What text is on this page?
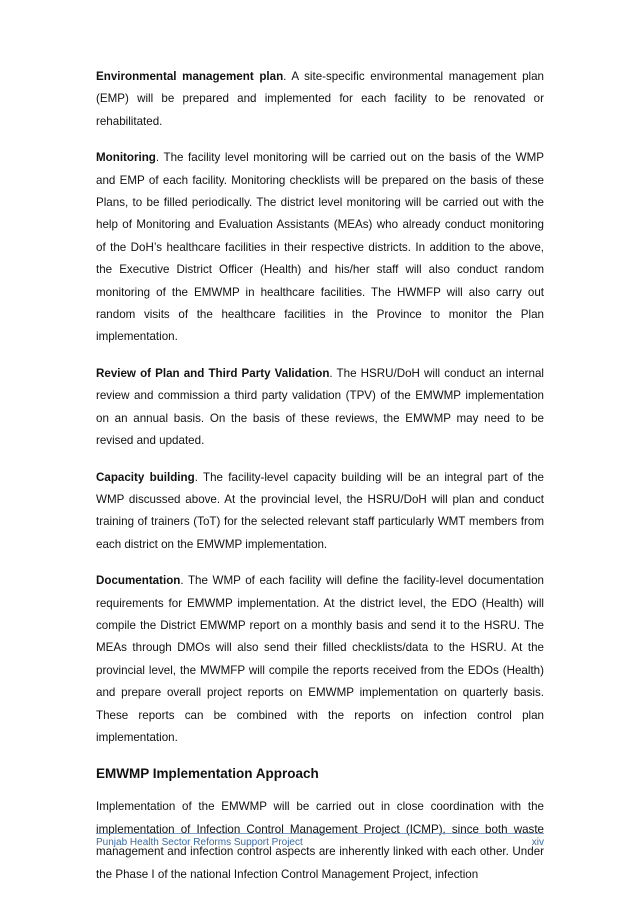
Environmental management plan. A site-specific environmental management plan (EMP) will be prepared and implemented for each facility to be renovated or rehabilitated.

Monitoring. The facility level monitoring will be carried out on the basis of the WMP and EMP of each facility. Monitoring checklists will be prepared on the basis of these Plans, to be filled periodically. The district level monitoring will be carried out with the help of Monitoring and Evaluation Assistants (MEAs) who already conduct monitoring of the DoH’s healthcare facilities in their respective districts. In addition to the above, the Executive District Officer (Health) and his/her staff will also conduct random monitoring of the EMWMP in healthcare facilities. The HWMFP will also carry out random visits of the healthcare facilities in the Province to monitor the Plan implementation.

Review of Plan and Third Party Validation. The HSRU/DoH will conduct an internal review and commission a third party validation (TPV) of the EMWMP implementation on an annual basis. On the basis of these reviews, the EMWMP may need to be revised and updated.

Capacity building. The facility-level capacity building will be an integral part of the WMP discussed above. At the provincial level, the HSRU/DoH will plan and conduct training of trainers (ToT) for the selected relevant staff particularly WMT members from each district on the EMWMP implementation.

Documentation. The WMP of each facility will define the facility-level documentation requirements for EMWMP implementation. At the district level, the EDO (Health) will compile the District EMWMP report on a monthly basis and send it to the HSRU. The MEAs through DMOs will also send their filled checklists/data to the HSRU. At the provincial level, the MWMFP will compile the reports received from the EDOs (Health) and prepare overall project reports on EMWMP implementation on quarterly basis. These reports can be combined with the reports on infection control plan implementation.

EMWMP Implementation Approach

Implementation of the EMWMP will be carried out in close coordination with the implementation of Infection Control Management Project (ICMP), since both waste management and infection control aspects are inherently linked with each other. Under the Phase I of the national Infection Control Management Project, infection

Punjab Health Sector Reforms Support Project	xiv
